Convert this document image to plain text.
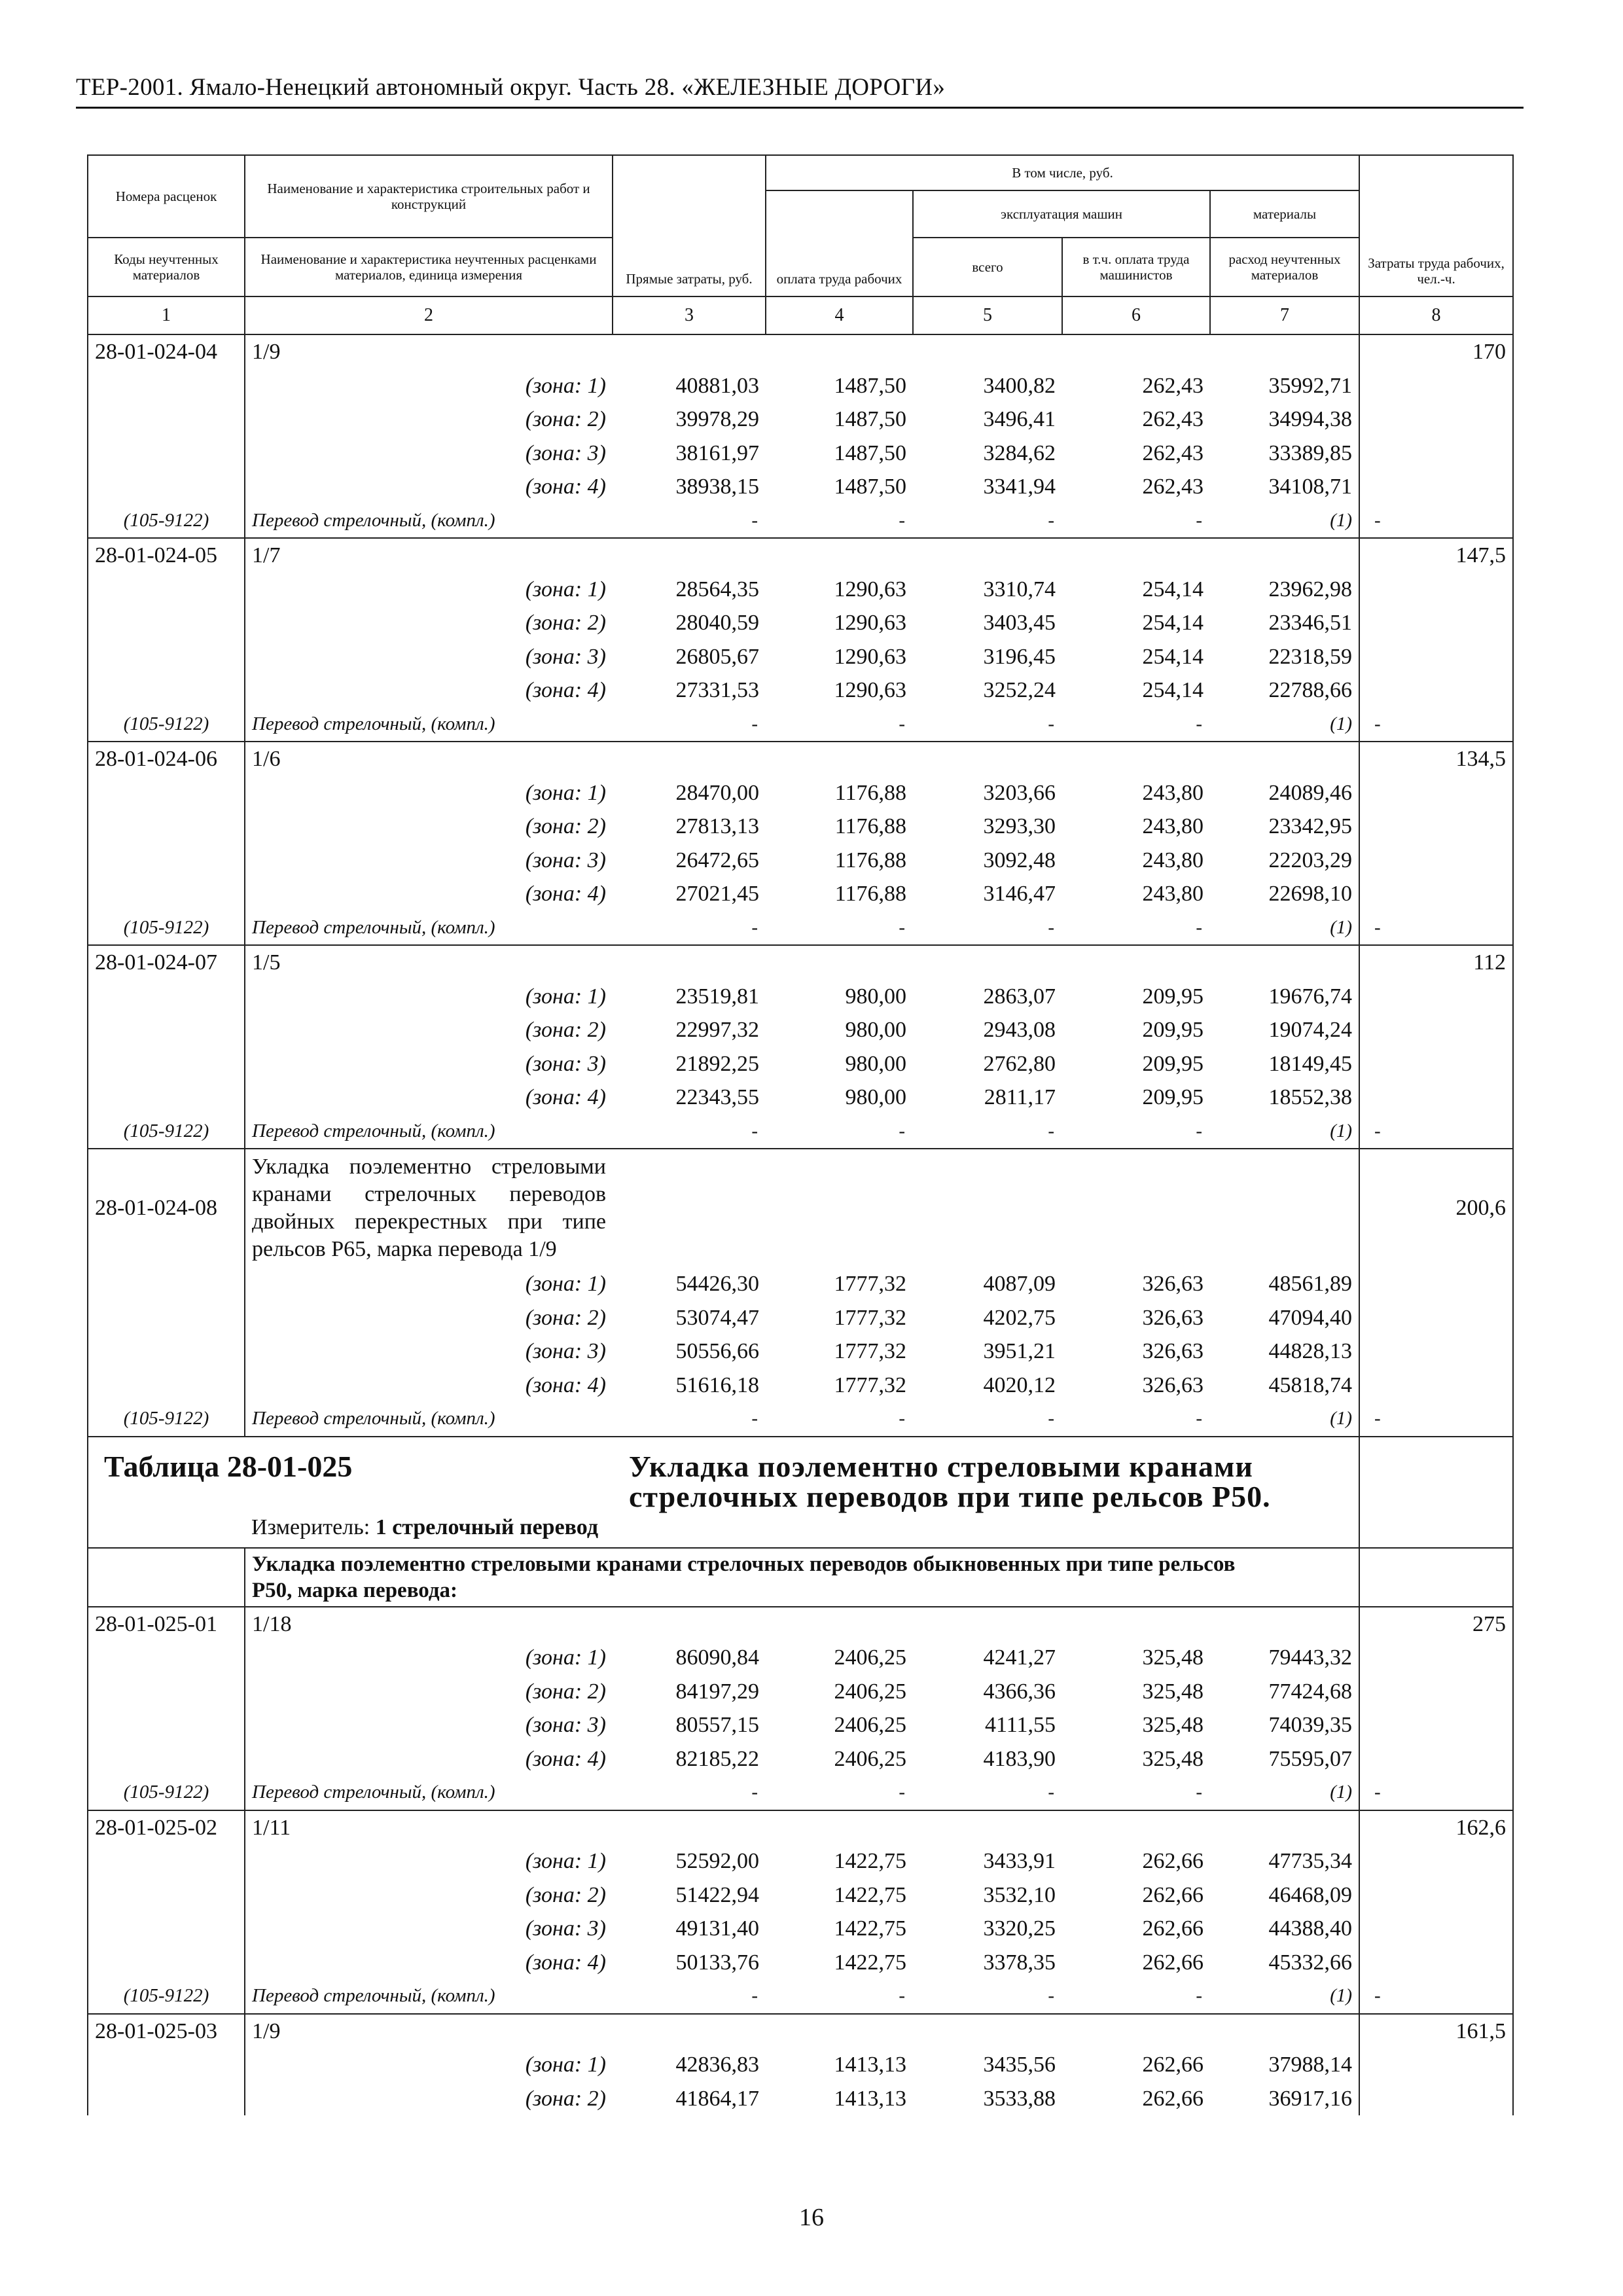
ТЕР-2001. Ямало-Ненецкий автономный округ. Часть 28. «ЖЕЛЕЗНЫЕ ДОРОГИ»
Номера расценок	Наименование и характеристика строительных работ и конструкций	Прямые затраты, руб.	В том числе, руб.				Затраты труда рабочих, чел.-ч.
			оплата труда рабочих	эксплуатация машин		материалы	
Коды неучтенных материалов	Наименование и характеристика неучтенных расценками материалов, единица измерения			всего	в т.ч. оплата труда машинистов	расход неучтенных материалов	
1	2	3	4	5	6	7	8
28-01-024-04	1/9						170
	(зона: 1)	40881,03	1487,50	3400,82	262,43	35992,71	
	(зона: 2)	39978,29	1487,50	3496,41	262,43	34994,38	
	(зона: 3)	38161,97	1487,50	3284,62	262,43	33389,85	
	(зона: 4)	38938,15	1487,50	3341,94	262,43	34108,71	
(105-9122)	Перевод стрелочный, (компл.)	-	-	-	-	(1)	-
28-01-024-05	1/7						147,5
	(зона: 1)	28564,35	1290,63	3310,74	254,14	23962,98	
	(зона: 2)	28040,59	1290,63	3403,45	254,14	23346,51	
	(зона: 3)	26805,67	1290,63	3196,45	254,14	22318,59	
	(зона: 4)	27331,53	1290,63	3252,24	254,14	22788,66	
(105-9122)	Перевод стрелочный, (компл.)	-	-	-	-	(1)	-
28-01-024-06	1/6						134,5
	(зона: 1)	28470,00	1176,88	3203,66	243,80	24089,46	
	(зона: 2)	27813,13	1176,88	3293,30	243,80	23342,95	
	(зона: 3)	26472,65	1176,88	3092,48	243,80	22203,29	
	(зона: 4)	27021,45	1176,88	3146,47	243,80	22698,10	
(105-9122)	Перевод стрелочный, (компл.)	-	-	-	-	(1)	-
28-01-024-07	1/5						112
	(зона: 1)	23519,81	980,00	2863,07	209,95	19676,74	
	(зона: 2)	22997,32	980,00	2943,08	209,95	19074,24	
	(зона: 3)	21892,25	980,00	2762,80	209,95	18149,45	
	(зона: 4)	22343,55	980,00	2811,17	209,95	18552,38	
(105-9122)	Перевод стрелочный, (компл.)	-	-	-	-	(1)	-
28-01-024-08	Укладка поэлементно стреловыми кранами стрелочных переводов двойных перекрестных при типе рельсов Р65, марка перевода 1/9						200,6
	(зона: 1)	54426,30	1777,32	4087,09	326,63	48561,89	
	(зона: 2)	53074,47	1777,32	4202,75	326,63	47094,40	
	(зона: 3)	50556,66	1777,32	3951,21	326,63	44828,13	
	(зона: 4)	51616,18	1777,32	4020,12	326,63	45818,74	
(105-9122)	Перевод стрелочный, (компл.)	-	-	-	-	(1)	-
Таблица 28-01-025		Укладка поэлементно стреловыми кранами стрелочных переводов при типе рельсов Р50.					
	Измеритель: 1 стрелочный перевод						
	Укладка поэлементно стреловыми кранами стрелочных переводов обыкновенных при типе рельсов Р50, марка перевода:						
28-01-025-01	1/18						275
	(зона: 1)	86090,84	2406,25	4241,27	325,48	79443,32	
	(зона: 2)	84197,29	2406,25	4366,36	325,48	77424,68	
	(зона: 3)	80557,15	2406,25	4111,55	325,48	74039,35	
	(зона: 4)	82185,22	2406,25	4183,90	325,48	75595,07	
(105-9122)	Перевод стрелочный, (компл.)	-	-	-	-	(1)	-
28-01-025-02	1/11						162,6
	(зона: 1)	52592,00	1422,75	3433,91	262,66	47735,34	
	(зона: 2)	51422,94	1422,75	3532,10	262,66	46468,09	
	(зона: 3)	49131,40	1422,75	3320,25	262,66	44388,40	
	(зона: 4)	50133,76	1422,75	3378,35	262,66	45332,66	
(105-9122)	Перевод стрелочный, (компл.)	-	-	-	-	(1)	-
28-01-025-03	1/9						161,5
	(зона: 1)	42836,83	1413,13	3435,56	262,66	37988,14	
	(зона: 2)	41864,17	1413,13	3533,88	262,66	36917,16	
16
